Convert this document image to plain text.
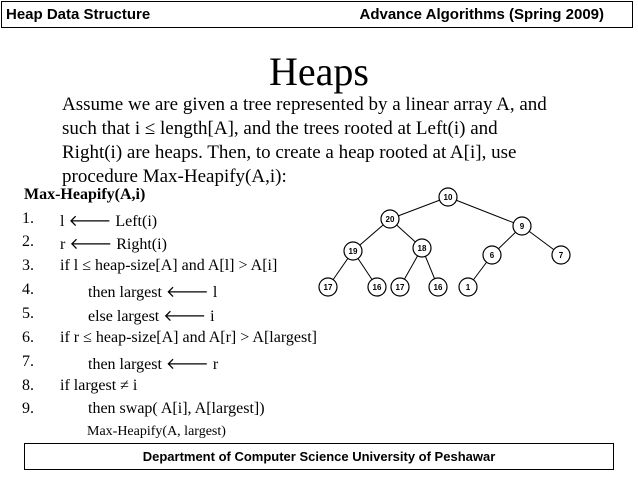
Heap Data Structure	Advance Algorithms (Spring 2009)
Heaps
Assume we are given a tree represented by a linear array A, and
such that i ≤ length[A], and the trees rooted at Left(i) and
Right(i) are heaps. Then, to create a heap rooted at A[i], use
procedure Max-Heapify(A,i):
Max-Heapify(A,i)
1. l 🡐 Left(i)
2. r 🡐 Right(i)
3. if l ≤ heap-size[A] and A[l] > A[i]
4.	then largest 🡐 l
5.	else largest 🡐 i
6. if r ≤ heap-size[A] and A[r] > A[largest]
7.	then largest 🡐 r
8. if largest ≠ i
9.	then swap( A[i], A[largest])
Max-Heapify(A, largest)
10
20
9
19	18
6	7
17	16 17	16	1
Department of Computer Science University of Peshawar
